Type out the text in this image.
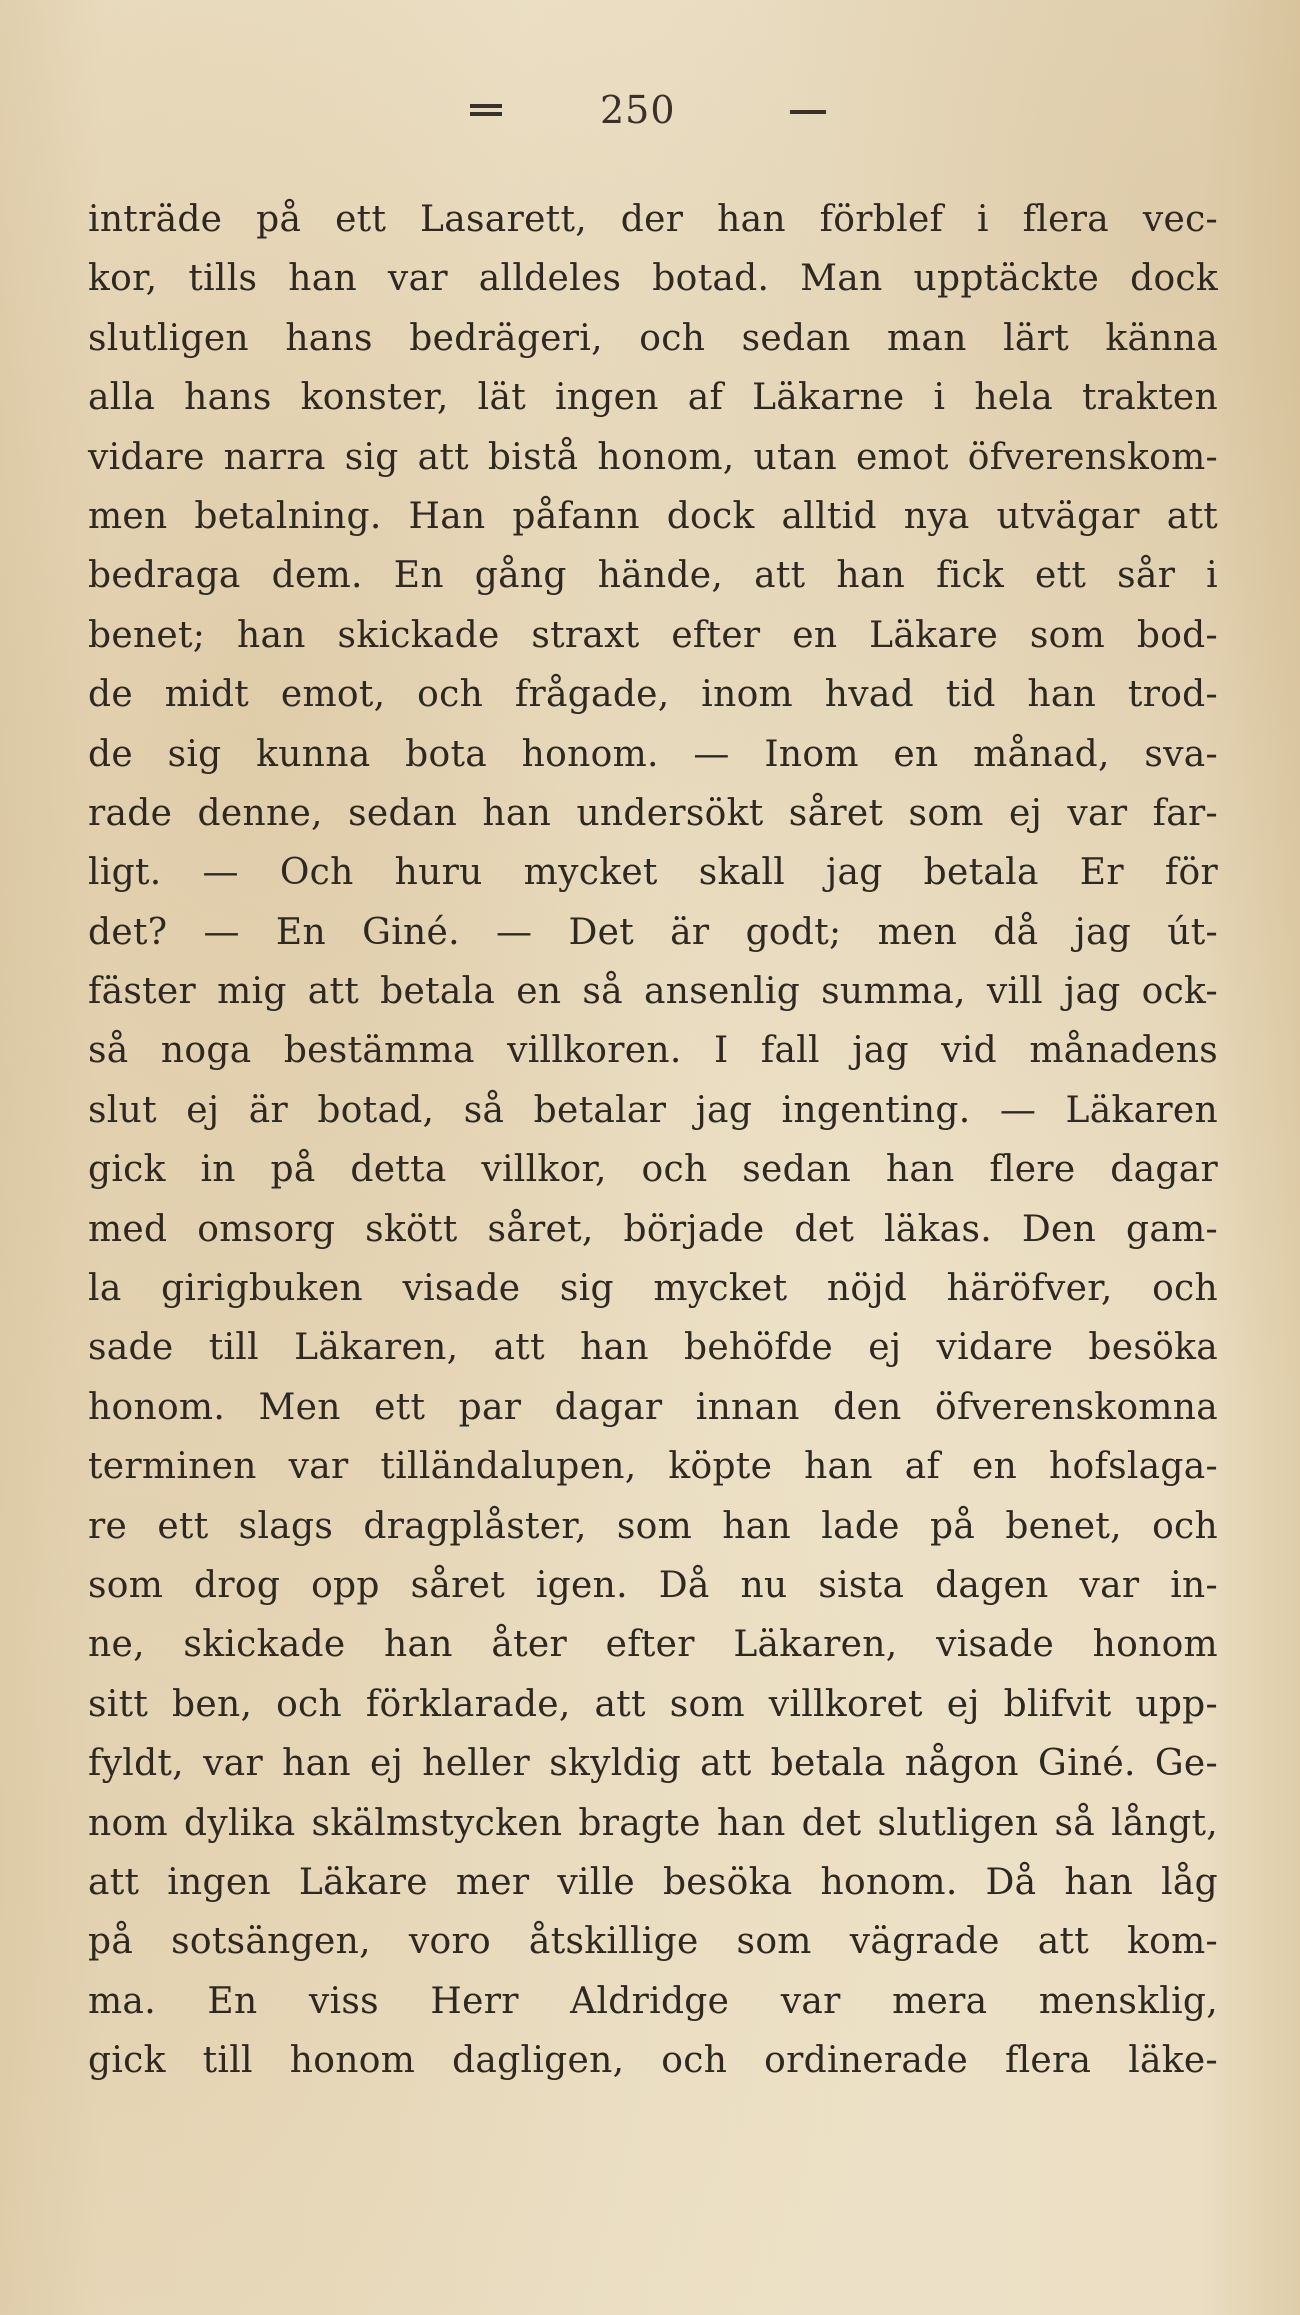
250
inträde på ett Lasarett, der han förblef i flera vec-
kor, tills han var alldeles botad. Man upptäckte dock
slutligen hans bedrägeri, och sedan man lärt känna
alla hans konster, lät ingen af Läkarne i hela trakten
vidare narra sig att bistå honom, utan emot öfverenskom-
men betalning. Han påfann dock alltid nya utvägar att
bedraga dem. En gång hände, att han fick ett sår i
benet; han skickade straxt efter en Läkare som bod-
de midt emot, och frågade, inom hvad tid han trod-
de sig kunna bota honom. — Inom en månad, sva-
rade denne, sedan han undersökt såret som ej var far-
ligt. — Och huru mycket skall jag betala Er för
det? — En Giné. — Det är godt; men då jag út-
fäster mig att betala en så ansenlig summa, vill jag ock-
så noga bestämma villkoren. I fall jag vid månadens
slut ej är botad, så betalar jag ingenting. — Läkaren
gick in på detta villkor, och sedan han flere dagar
med omsorg skött såret, började det läkas. Den gam-
la girigbuken visade sig mycket nöjd häröfver, och
sade till Läkaren, att han behöfde ej vidare besöka
honom. Men ett par dagar innan den öfverenskomna
terminen var tilländalupen, köpte han af en hofslaga-
re ett slags dragplåster, som han lade på benet, och
som drog opp såret igen. Då nu sista dagen var in-
ne, skickade han åter efter Läkaren, visade honom
sitt ben, och förklarade, att som villkoret ej blifvit upp-
fyldt, var han ej heller skyldig att betala någon Giné. Ge-
nom dylika skälmstycken bragte han det slutligen så långt,
att ingen Läkare mer ville besöka honom. Då han låg
på sotsängen, voro åtskillige som vägrade att kom-
ma. En viss Herr Aldridge var mera mensklig,
gick till honom dagligen, och ordinerade flera läke-
